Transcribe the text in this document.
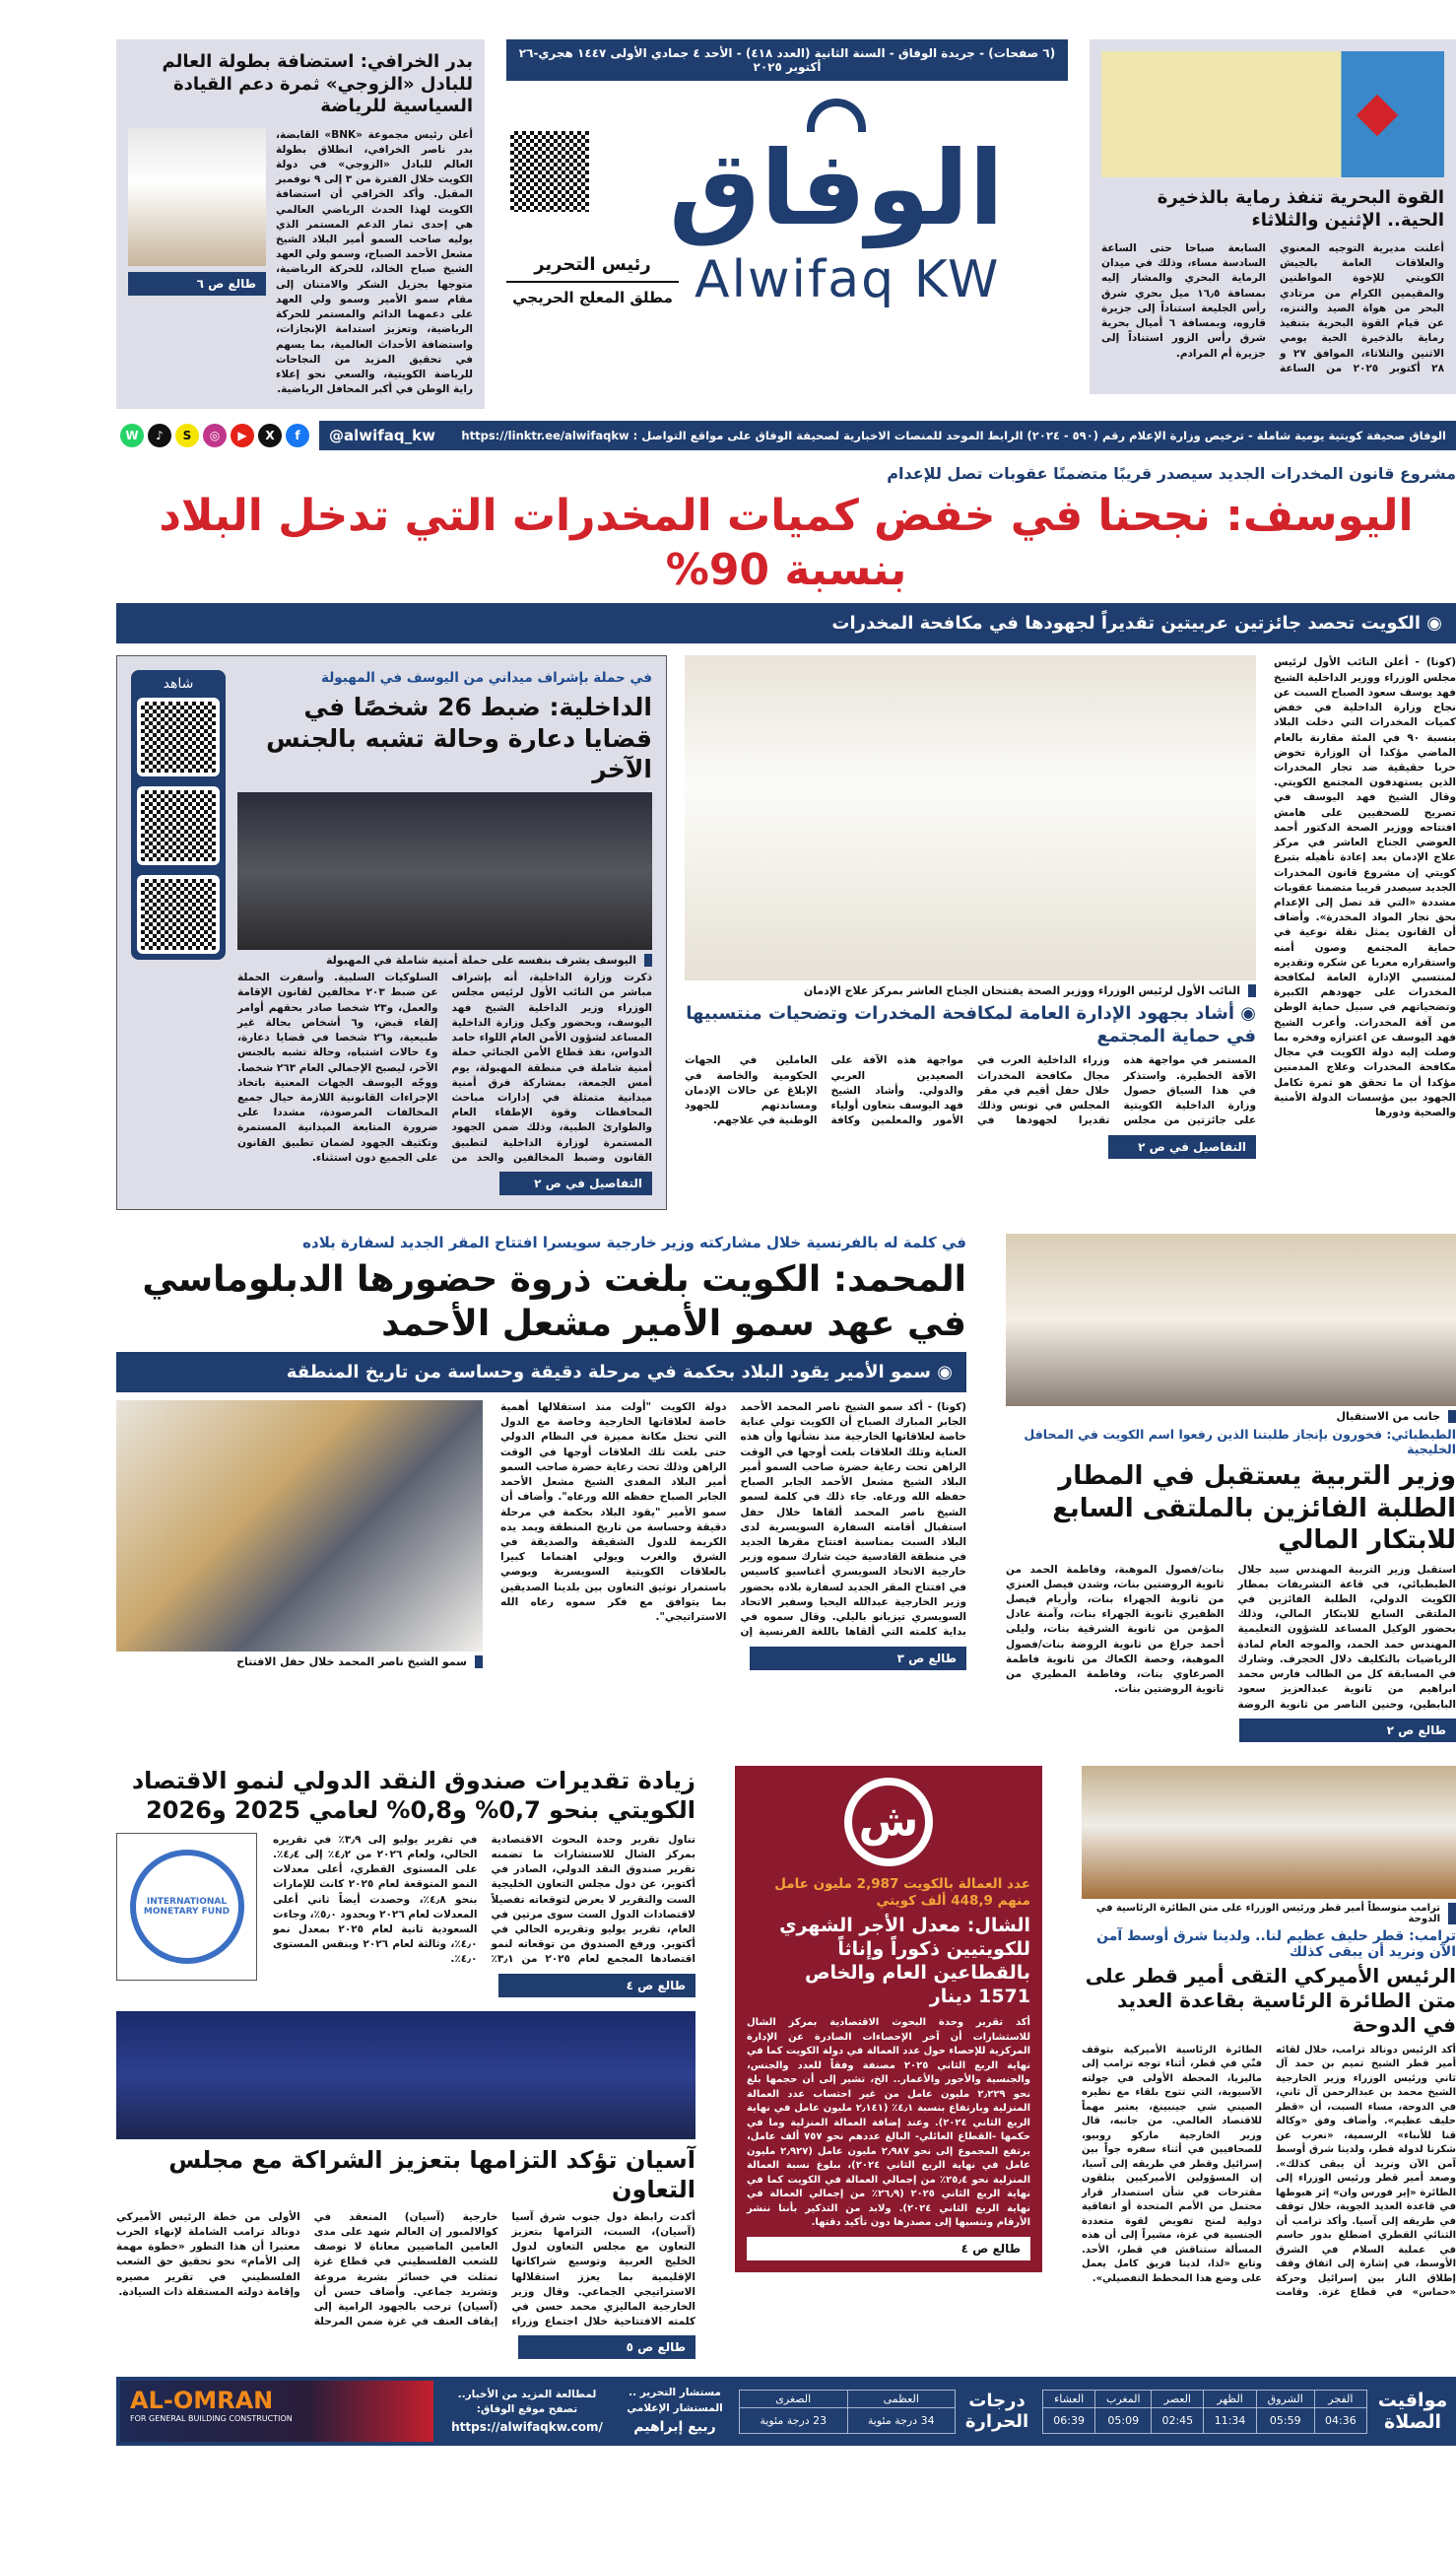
القوة البحرية تنفذ رماية بالذخيرة الحية.. الإثنين والثلاثاء
أعلنت مديرية التوجيه المعنوي والعلاقات العامة بالجيش الكويتي للإخوة المواطنين والمقيمين الكرام من مرتادي البحر من هواة الصيد والتنزه، عن قيام القوة البحرية بتنفيذ رماية بالذخيرة الحية يومي الاثنين والثلاثاء، الموافق ٢٧ و ٢٨ أكتوبر ٢٠٢٥ من الساعة السابعة صباحا حتى الساعة السادسة مساء، وذلك في ميدان الرماية البحري والمشار إليه بمسافة ١٦٫٥ ميل بحري شرق رأس الجليعة استناداً إلى جزيرة قاروه، وبمسافة ٦ أميال بحرية شرق رأس الزور استناداً إلى جزيرة أم المرادم.
(٦ صفحات) - جريدة الوفاق - السنة الثانية (العدد ٤١٨) - الأحد ٤ جمادي الأولى ١٤٤٧ هجري-٢٦ أكتوبر ٢٠٢٥
الوفاق
رئيس التحرير
مطلق المعلج الحريجي Alwifaq KW
بدر الخرافي: استضافة بطولة العالم للبادل «الزوجي» ثمرة دعم القيادة السياسية للرياضة
أعلن رئيس مجموعة «BNK» القابضة، بدر ناصر الخرافي، انطلاق بطولة العالم للبادل «الزوجي» في دولة الكويت خلال الفترة من ٣ إلى ٩ نوفمبر المقبل. وأكد الخرافي أن استضافة الكويت لهذا الحدث الرياضي العالمي هي إحدى ثمار الدعم المستمر الذي يوليه صاحب السمو أمير البلاد الشيخ مشعل الأحمد الصباح، وسمو ولي العهد الشيخ صباح الخالد، للحركة الرياضية، متوجها بجزيل الشكر والامتنان إلى مقام سمو الأمير وسمو ولي العهد على دعمهما الدائم والمستمر للحركة الرياضية، وتعزيز استدامة الإنجازات، واستضافة الأحداث العالمية، بما يسهم في تحقيق المزيد من النجاحات للرياضة الكويتية، والسعي نحو إعلاء راية الوطن في أكبر المحافل الرياضية.
طالع ص ٦
الوفاق صحيفة كويتية يومية شاملة - ترخيص وزارة الإعلام رقم (٥٩٠ - ٢٠٢٤) الرابط الموحد للمنصات الاخبارية لصحيفة الوفاق على مواقع التواصل : https://linktr.ee/alwifaqkw
@alwifaq_kw
W ♪ S ◎ ▶ X f
مشروع قانون المخدرات الجديد سيصدر قريبًا متضمنًا عقوبات تصل للإعدام
اليوسف: نجحنا في خفض كميات المخدرات التي تدخل البلاد بنسبة 90%
◉ الكويت تحصد جائزتين عربيتين تقديراً لجهودها في مكافحة المخدرات
(كونا) - أعلن النائب الأول لرئيس مجلس الوزراء ووزير الداخلية الشيخ فهد يوسف سعود الصباح السبت عن نجاح وزارة الداخلية في خفض كميات المخدرات التي دخلت البلاد بنسبة ٩٠ في المئة مقارنة بالعام الماضي مؤكدا أن الوزارة تخوض حربا حقيقية ضد تجار المخدرات الذين يستهدفون المجتمع الكويتي. وقال الشيخ فهد اليوسف في تصريح للصحفيين على هامش افتتاحه ووزير الصحة الدكتور أحمد العوضي الجناح العاشر في مركز علاج الإدمان بعد إعادة تأهيله بتبرع كويتي إن مشروع قانون المخدرات الجديد سيصدر قريبا متضمنا عقوبات مشددة «التي قد تصل إلى الإعدام بحق تجار المواد المخدرة». وأضاف أن القانون يمثل نقلة نوعية في حماية المجتمع وصون أمنه واستقراره معربا عن شكره وتقديره لمنتسبي الإدارة العامة لمكافحة المخدرات على جهودهم الكبيرة وتضحياتهم في سبيل حماية الوطن من آفة المخدرات. وأعرب الشيخ فهد اليوسف عن اعتزازه وفخره بما وصلت إليه دولة الكويت في مجال مكافحة المخدرات وعلاج المدمنين مؤكدا أن ما تحقق هو ثمرة تكامل الجهود بين مؤسسات الدولة الأمنية والصحية ودورها
النائب الأول لرئيس الوزراء ووزير الصحة يفتتحان الجناح العاشر بمركز علاج الإدمان
◉ أشاد بجهود الإدارة العامة لمكافحة المخدرات وتضحيات منتسبيها في حماية المجتمع
المستمر في مواجهة هذه الآفة الخطيرة. واستذكر في هذا السياق حصول وزارة الداخلية الكويتية على جائزتين من مجلس وزراء الداخلية العرب في مجال مكافحة المخدرات خلال حفل أقيم في مقر المجلس في تونس وذلك تقديرا لجهودها في مواجهة هذه الآفة على الصعيدين العربي والدولي. وأشاد الشيخ فهد اليوسف بتعاون أولياء الأمور والمعلمين وكافة العاملين في الجهات الحكومية والخاصة في الإبلاغ عن حالات الإدمان ومساندتهم للجهود الوطنية في علاجهم.
التفاصيل في ص ٢
في حملة بإشراف ميداني من اليوسف في المهبولة
الداخلية: ضبط 26 شخصًا في قضايا دعارة وحالة تشبه بالجنس الآخر
اليوسف يشرف بنفسه على حملة أمنية شاملة في المهبولة
ذكرت وزارة الداخلية، أنه بإشراف مباشر من النائب الأول لرئيس مجلس الوزراء وزير الداخلية الشيخ فهد اليوسف، وبحضور وكيل وزارة الداخلية المساعد لشؤون الأمن العام اللواء حامد الدواس، نفذ قطاع الأمن الجنائي حملة أمنية شاملة في منطقة المهبولة، يوم أمس الجمعة، بمشاركة فرق أمنية ميدانية متمثلة في إدارات مباحث المحافظات وقوة الإطفاء العام والطوارئ الطبية، وذلك ضمن الجهود المستمرة لوزارة الداخلية لتطبيق القانون وضبط المخالفين والحد من السلوكيات السلبية. وأسفرت الحملة عن ضبط ٢٠٣ مخالفين لقانون الإقامة والعمل، و٢٣ شخصا صادر بحقهم أوامر إلقاء قبض، و٦ أشخاص بحالة غير طبيعية، و٢٦ شخصا في قضايا دعارة، و٤ حالات اشتباه، وحالة تشبه بالجنس الآخر، ليصبح الإجمالي العام ٢٦٣ شخصا. ووجّه اليوسف الجهات المعنية باتخاذ الإجراءات القانونية اللازمة حيال جميع المخالفات المرصودة، مشددا على ضرورة المتابعة الميدانية المستمرة وتكثيف الجهود لضمان تطبيق القانون على الجميع دون استثناء.
التفاصيل في ص ٢
شاهد
جانب من الاستقبال
الطبطبائي: فخورون بإنجاز طلبتنا الذين رفعوا اسم الكويت في المحافل الخليجية
وزير التربية يستقبل في المطار الطلبة الفائزين بالملتقى السابع للابتكار المالي
استقبل وزير التربية المهندس سيد جلال الطبطبائي، في قاعة التشريفات بمطار الكويت الدولي، الطلبة الفائزين في الملتقى السابع للابتكار المالي، وذلك بحضور الوكيل المساعد للشؤون التعليمية المهندس حمد الحمد، والموجه العام لمادة الرياضيات بالتكليف دلال الحجرف. وشارك في المسابقة كل من الطالب فارس محمد ابراهيم من ثانوية عبدالعزيز سعود البابطين، وحنين الناصر من ثانوية الروضة بنات/فصول الموهبة، وفاطمة الحمد من ثانوية الروضتين بنات، وشدن فيصل العنزي من ثانوية الجهراء بنات، وأريام فيصل الظفيري ثانوية الجهراء بنات، وآمنة عادل المؤمن من ثانوية الشرقية بنات، وليلى أحمد جراغ من ثانوية الروضة بنات/فصول الموهبة، وحصة الكعاك من ثانوية فاطمة الصرعاوي بنات، وفاطمة المطيري من ثانوية الروضتين بنات.
طالع ص ٢
في كلمة له بالفرنسية خلال مشاركته وزير خارجية سويسرا افتتاح المقر الجديد لسفارة بلاده
المحمد: الكويت بلغت ذروة حضورها الدبلوماسي في عهد سمو الأمير مشعل الأحمد
◉ سمو الأمير يقود البلاد بحكمة في مرحلة دقيقة وحساسة من تاريخ المنطقة
(كونا) - أكد سمو الشيخ ناصر المحمد الأحمد الجابر المبارك الصباح أن الكويت تولي عناية خاصة لعلاقاتها الخارجية منذ نشأتها وأن هذه العناية وتلك العلاقات بلغت أوجها في الوقت الراهن تحت رعاية حضرة صاحب السمو أمير البلاد الشيخ مشعل الأحمد الجابر الصباح حفظه الله ورعاه. جاء ذلك في كلمة لسمو الشيخ ناصر المحمد ألقاها خلال حفل استقبال أقامته السفارة السويسرية لدى البلاد السبت بمناسبة افتتاح مقرها الجديد في منطقة القادسية حيث شارك سموه وزير خارجية الاتحاد السويسري أغناسيو كاسيس في افتتاح المقر الجديد لسفارة بلاده بحضور وزير الخارجية عبدالله اليحيا وسفير الاتحاد السويسري تيزيانو باليلي. وقال سموه في بداية كلمته التي ألقاها باللغة الفرنسية إن دولة الكويت "أولت منذ استقلالها أهمية خاصة لعلاقاتها الخارجية وخاصة مع الدول التي تحتل مكانة مميزة في النظام الدولي حتى بلغت تلك العلاقات أوجها في الوقت الراهن وذلك تحت رعاية حضرة صاحب السمو أمير البلاد المفدى الشيخ مشعل الأحمد الجابر الصباح حفظه الله ورعاه". وأضاف أن سمو الأمير "يقود البلاد بحكمة في مرحلة دقيقة وحساسة من تاريخ المنطقة ويمد يده الكريمة للدول الشقيقة والصديقة في الشرق والغرب ويولي اهتماما كبيرا بالعلاقات الكويتية السويسرية ويوصي باستمرار توثيق التعاون بين بلدينا الصديقين بما يتوافق مع فكر سموه رعاه الله الاستراتيجي".
طالع ص ٣
سمو الشيخ ناصر المحمد خلال حفل الافتتاح
ترامب متوسطاً أمير قطر ورئيس الوزراء على متن الطائرة الرئاسية في الدوحة
ترامب: قطر حليف عظيم لنا.. ولدينا شرق أوسط آمن الآن ونريد أن يبقى كذلك
الرئيس الأميركي التقى أمير قطر على متن الطائرة الرئاسية بقاعدة العديد في الدوحة
أكد الرئيس دونالد ترامب، خلال لقائه أمير قطر الشيخ تميم بن حمد آل ثاني ورئيس الوزراء وزير الخارجية الشيخ محمد بن عبدالرحمن آل ثاني، في الدوحة، مساء السبت، أن «قطر حليف عظيم». وأضاف وفق «وكالة قنا للأنباء» الرسمية، «نعرب عن شكرنا لدولة قطر، ولدينا شرق أوسط آمن الآن ونريد أن يبقى كذلك». وصعد أمير قطر ورئيس الوزراء إلى الطائرة «إير فورس وان» إثر هبوطها في قاعدة العديد الجوية، خلال توقف في طريقه إلى آسيا. وأكد ترامب أن الثنائي القطري اضطلع بدور حاسم في عملية السلام في الشرق الأوسط، في إشارة إلى اتفاق وقف إطلاق النار بين إسرائيل وحركة «حماس» في قطاع غزة. وقامت الطائرة الرئاسية الأميركية بتوقف فنّي في قطر، أثناء توجه ترامب إلى ماليزيا، المحطة الأولى في جولته الآسيوية، التي تتوج بلقاء مع نظيره الصيني شي جينبينغ، يعتبر مهماً للاقتصاد العالمي. من جانبه، قال وزير الخارجية ماركو روبيو، للصحافيين في أثناء سفره جواً بين إسرائيل وقطر في طريقه إلى آسيا، إن المسؤولين الأميركيين يتلقون مقترحات في شأن استصدار قرار محتمل من الأمم المتحدة أو اتفاقية دولية لمنح تفويض لقوة متعددة الجنسية في غزة، مشيراً إلى أن هذه المسألة ستناقش في قطر، الأحد. وتابع «لذا، لدينا فريق كامل يعمل على وضع هذا المخطط التفصيلي».
ش
عدد العمالة بالكويت 2,987 مليون عامل منهم 448,9 ألف كويتي
الشال: معدل الأجر الشهري للكويتيين ذكوراً وإناثاً بالقطاعين العام والخاص 1571 دينار
أكد تقرير وحدة البحوث الاقتصادية بمركز الشال للاستشارات أن آخر الإحصاءات الصادرة عن الإدارة المركزية للإحصاء حول عدد العمالة في دولة الكويت كما في نهاية الربع الثاني ٢٠٢٥ مصنفة وفقاً للعدد والجنس، والجنسية والأجور والأعمار.. الخ، تشير إلى أن حجمها بلغ نحو ٢٫٢٢٩ مليون عامل من غير احتساب عدد العمالة المنزلية وبارتفاع بنسبة ٤٫١٪ (٢٫١٤١ مليون عامل في نهاية الربع الثاني ٢٠٢٤). وعند إضافة العمالة المنزلية وما في حكمها -القطاع العائلي- البالغ عددهم نحو ٧٥٧ ألف عامل، يرتفع المجموع إلى نحو ٢٫٩٨٧ مليون عامل (٢٫٩٢٧ مليون عامل في نهاية الربع الثاني ٢٠٢٤)، ببلوغ نسبة العمالة المنزلية نحو ٢٥٫٤٪ من إجمالي العمالة في الكويت كما في نهاية الربع الثاني ٢٠٢٥ (٢٦٫٩٪ من إجمالي العمالة في نهاية الربع الثاني ٢٠٢٤). ولابد من التذكير بأننا ننشر الأرقام وننسبها إلى مصدرها دون تأكيد دقتها.
طالع ص ٤
زيادة تقديرات صندوق النقد الدولي لنمو الاقتصاد الكويتي بنحو 0,7% و0,8% لعامي 2025 و2026
تناول تقرير وحدة البحوث الاقتصادية بمركز الشال للاستشارات ما تضمنه تقرير صندوق النقد الدولي، الصادر في أكتوبر، عن دول مجلس التعاون الخليجية الست والتقرير لا يعرض لتوقعاته تفصيلاً لاقتصادات الدول الست سوى مرتين في العام، تقرير يوليو وتقريره الحالي في أكتوبر. ورفع الصندوق من توقعاته لنمو اقتصادها المجمع لعام ٢٠٢٥ من ٣٫١٪ في تقرير يوليو إلى ٣٫٩٪ في تقريره الحالي، ولعام ٢٠٢٦ من ٤٫٢٪ إلى ٤٫٤٪. على المستوى القطري، أعلى معدلات النمو المتوقعة لعام ٢٠٢٥ كانت للإمارات بنحو ٤٫٨٪، وحصدت أيضاً ثاني أعلى المعدلات لعام ٢٠٢٦ وبحدود ٥٫٠٪، وجاءت السعودية ثانية لعام ٢٠٢٥ بمعدل نمو ٤٫٠٪، وثالثة لعام ٢٠٢٦ وبنفس المستوى ٤٫٠٪.
طالع ص ٤
INTERNATIONAL MONETARY FUND
آسيان تؤكد التزامها بتعزيز الشراكة مع مجلس التعاون
أكدت رابطة دول جنوب شرق آسيا (آسيان)، السبت، التزامها بتعزيز التعاون مع مجلس التعاون لدول الخليج العربية وتوسيع شراكاتها الإقليمية بما يعزز استقلالها الاستراتيجي الجماعي. وقال وزير الخارجية الماليزي محمد حسن في كلمته الافتتاحية خلال اجتماع وزراء خارجية (آسيان) المنعقد في كوالالمبور إن العالم شهد على مدى العامين الماضيين معاناة لا توصف للشعب الفلسطيني في قطاع غزة تمثلت في خسائر بشرية مروعة وتشريد جماعي. وأضاف حسن أن (آسيان) ترحب بالجهود الرامية إلى إيقاف العنف في غزة ضمن المرحلة الأولى من خطة الرئيس الأميركي دونالد ترامب الشاملة لإنهاء الحرب معتبرا أن هذا التطور «خطوة مهمة إلى الأمام» نحو تحقيق حق الشعب الفلسطيني في تقرير مصيره وإقامة دولته المستقلة ذات السيادة.
طالع ص ٥
مواقيت الصلاة
الفجر	الشروق	الظهر	العصر	المغرب	العشاء
04:36	05:59	11:34	02:45	05:09	06:39
درجات الحرارة
العظمى	الصغرى
34 درجة مئوية	23 درجة مئوية
مستشار التحرير ..
المستشار الإعلامي
ربيع إبراهيم
لمطالعة المزيد من الأخبار..
تصفح موقع الوفاق:
https://alwifaqkw.com/
AL-OMRAN
FOR GENERAL BUILDING CONSTRUCTION
